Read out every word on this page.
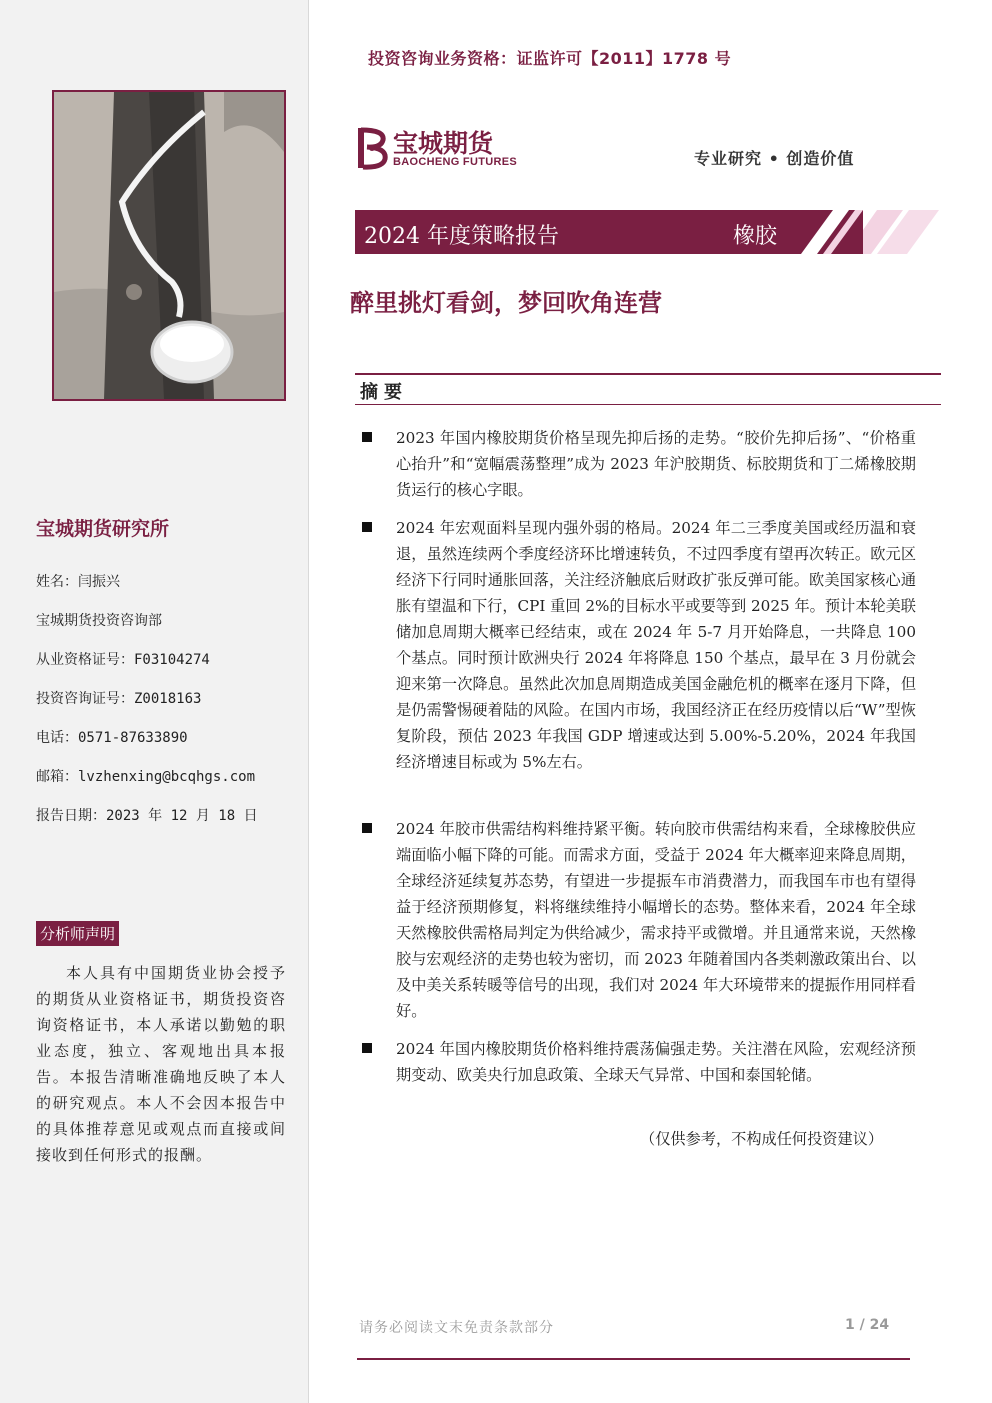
宝城期货研究所
姓名：闫振兴
宝城期货投资咨询部
从业资格证号：F03104274
投资咨询证号：Z0018163
电话：0571-87633890
邮箱：lvzhenxing@bcqhgs.com
报告日期：2023 年 12 月 18 日
分析师声明
本人具有中国期货业协会授予的期货从业资格证书，期货投资咨询资格证书，本人承诺以勤勉的职业态度，独立、客观地出具本报告。本报告清晰准确地反映了本人的研究观点。本人不会因本报告中的具体推荐意见或观点而直接或间接收到任何形式的报酬。
投资咨询业务资格：证监许可【2011】1778 号
宝城期货
BAOCHENG FUTURES	专业研究 • 创造价值
2024 年度策略报告	橡胶
醉里挑灯看剑，梦回吹角连营
摘要
2023 年国内橡胶期货价格呈现先抑后扬的走势。“胶价先抑后扬”、“价格重心抬升”和“宽幅震荡整理”成为 2023 年沪胶期货、标胶期货和丁二烯橡胶期货运行的核心字眼。
2024 年宏观面料呈现内强外弱的格局。2024 年二三季度美国或经历温和衰退，虽然连续两个季度经济环比增速转负，不过四季度有望再次转正。欧元区经济下行同时通胀回落，关注经济触底后财政扩张反弹可能。欧美国家核心通胀有望温和下行，CPI 重回 2%的目标水平或要等到 2025 年。预计本轮美联储加息周期大概率已经结束，或在 2024 年 5-7 月开始降息，一共降息 100 个基点。同时预计欧洲央行 2024 年将降息 150 个基点，最早在 3 月份就会迎来第一次降息。虽然此次加息周期造成美国金融危机的概率在逐月下降，但是仍需警惕硬着陆的风险。在国内市场，我国经济正在经历疫情以后“W”型恢复阶段，预估 2023 年我国 GDP 增速或达到 5.00%-5.20%，2024 年我国经济增速目标或为 5%左右。
2024 年胶市供需结构料维持紧平衡。转向胶市供需结构来看，全球橡胶供应端面临小幅下降的可能。而需求方面，受益于 2024 年大概率迎来降息周期，全球经济延续复苏态势，有望进一步提振车市消费潜力，而我国车市也有望得益于经济预期修复，料将继续维持小幅增长的态势。整体来看，2024 年全球天然橡胶供需格局判定为供给减少，需求持平或微增。并且通常来说，天然橡胶与宏观经济的走势也较为密切，而 2023 年随着国内各类刺激政策出台、以及中美关系转暖等信号的出现，我们对 2024 年大环境带来的提振作用同样看好。
2024 年国内橡胶期货价格料维持震荡偏强走势。关注潜在风险，宏观经济预期变动、欧美央行加息政策、全球天气异常、中国和泰国轮储。
（仅供参考，不构成任何投资建议）
请务必阅读文末免责条款部分	1 / 24
